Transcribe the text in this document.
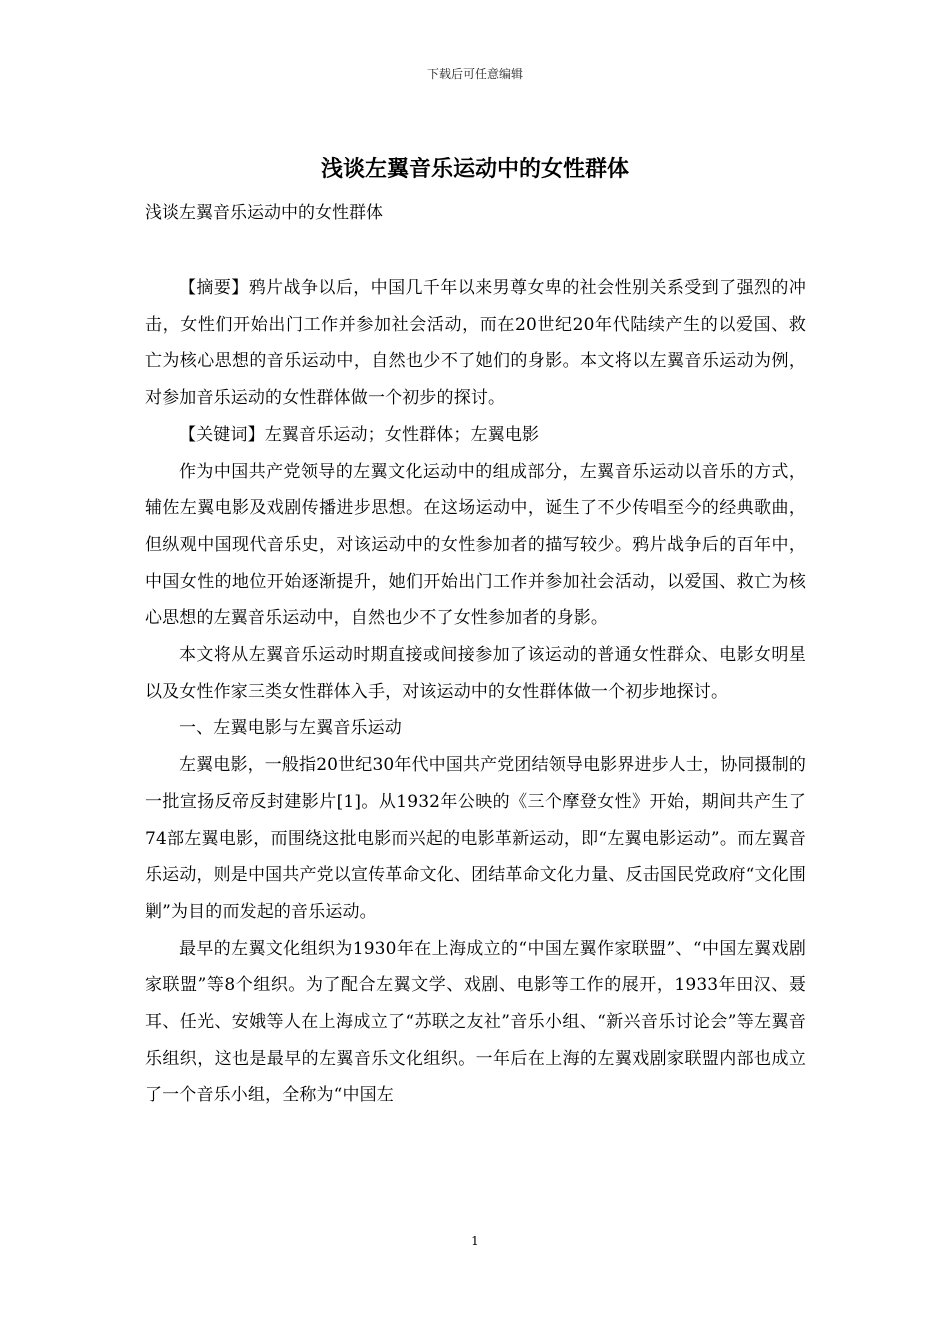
下载后可任意编辑
浅谈左翼音乐运动中的女性群体
浅谈左翼音乐运动中的女性群体

【摘要】鸦片战争以后，中国几千年以来男尊女卑的社会性别关系受到了强烈的冲击，女性们开始出门工作并参加社会活动，而在20世纪20年代陆续产生的以爱国、救亡为核心思想的音乐运动中，自然也少不了她们的身影。本文将以左翼音乐运动为例，对参加音乐运动的女性群体做一个初步的探讨。

【关键词】左翼音乐运动；女性群体；左翼电影

作为中国共产党领导的左翼文化运动中的组成部分，左翼音乐运动以音乐的方式，辅佐左翼电影及戏剧传播进步思想。在这场运动中，诞生了不少传唱至今的经典歌曲，但纵观中国现代音乐史，对该运动中的女性参加者的描写较少。鸦片战争后的百年中，中国女性的地位开始逐渐提升，她们开始出门工作并参加社会活动，以爱国、救亡为核心思想的左翼音乐运动中，自然也少不了女性参加者的身影。

本文将从左翼音乐运动时期直接或间接参加了该运动的普通女性群众、电影女明星以及女性作家三类女性群体入手，对该运动中的女性群体做一个初步地探讨。

一、左翼电影与左翼音乐运动

左翼电影，一般指20世纪30年代中国共产党团结领导电影界进步人士，协同摄制的一批宣扬反帝反封建影片[1]。从1932年公映的《三个摩登女性》开始，期间共产生了74部左翼电影，而围绕这批电影而兴起的电影革新运动，即“左翼电影运动”。而左翼音乐运动，则是中国共产党以宣传革命文化、团结革命文化力量、反击国民党政府“文化围剿”为目的而发起的音乐运动。

最早的左翼文化组织为1930年在上海成立的“中国左翼作家联盟”、“中国左翼戏剧家联盟”等8个组织。为了配合左翼文学、戏剧、电影等工作的展开，1933年田汉、聂耳、任光、安娥等人在上海成立了“苏联之友社”音乐小组、“新兴音乐讨论会”等左翼音乐组织，这也是最早的左翼音乐文化组织。一年后在上海的左翼戏剧家联盟内部也成立了一个音乐小组，全称为“中国左

1
